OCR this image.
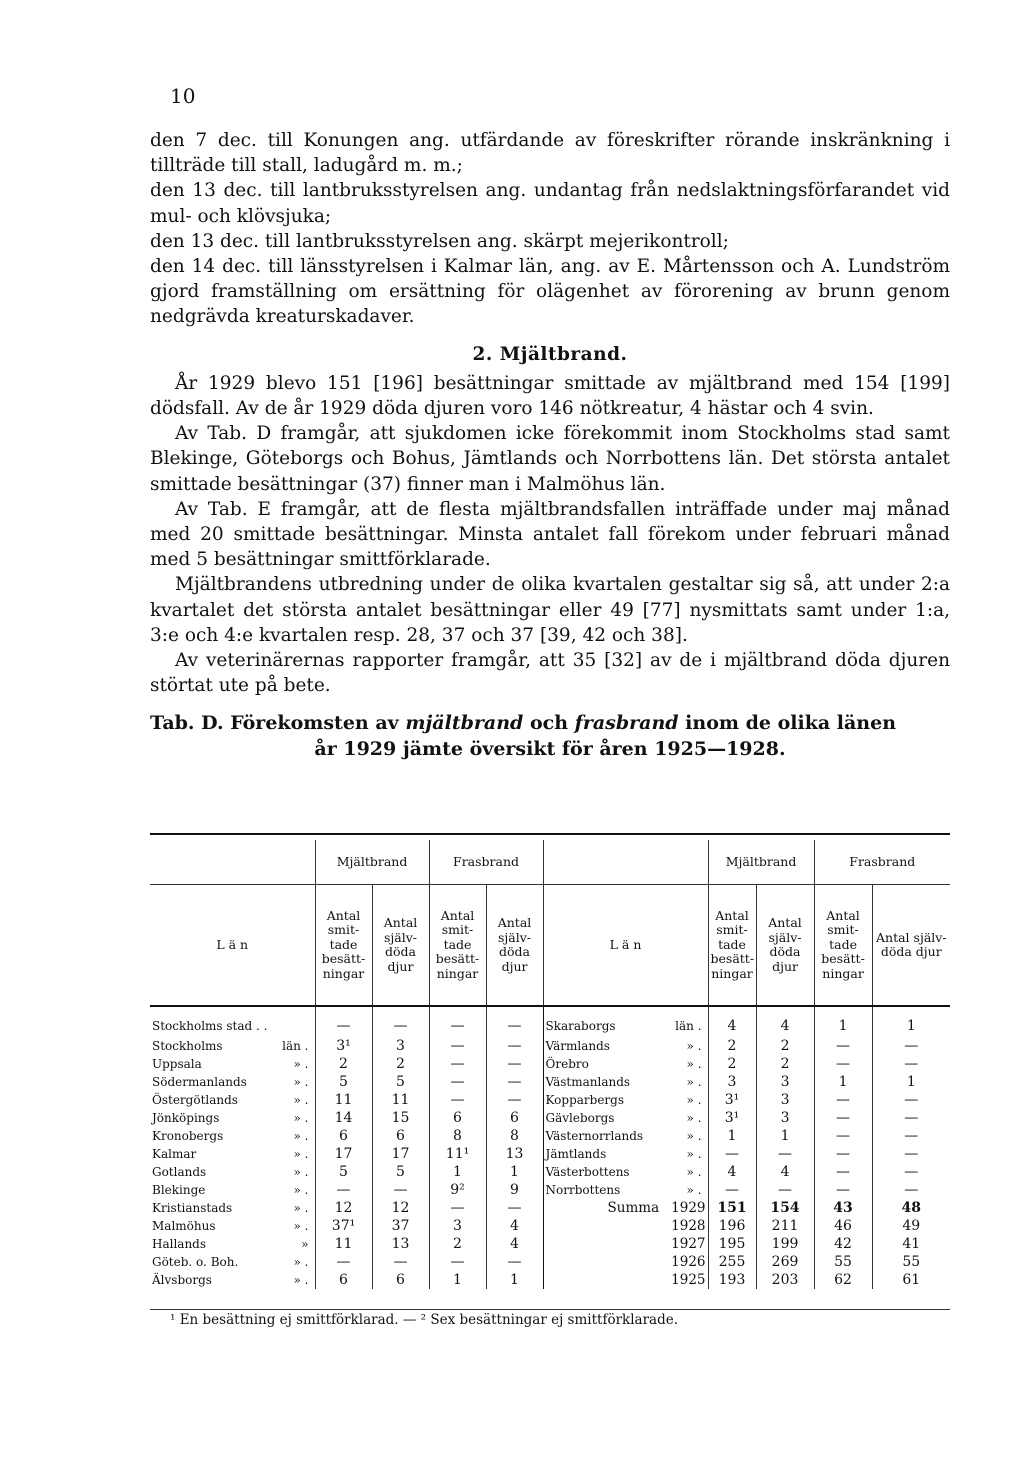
10

den 7 dec. till Konungen ang. utfärdande av föreskrifter rörande inskränkning i tillträde till stall, ladugård m. m.;

den 13 dec. till lantbruksstyrelsen ang. undantag från nedslaktningsförfarandet vid mul- och klövsjuka;

den 13 dec. till lantbruksstyrelsen ang. skärpt mejerikontroll;

den 14 dec. till länsstyrelsen i Kalmar län, ang. av E. Mårtensson och A. Lundström gjord framställning om ersättning för olägenhet av förorening av brunn genom nedgrävda kreaturskadaver.

2. Mjältbrand.

År 1929 blevo 151 [196] besättningar smittade av mjältbrand med 154 [199] dödsfall. Av de år 1929 döda djuren voro 146 nötkreatur, 4 hästar och 4 svin.

Av Tab. D framgår, att sjukdomen icke förekommit inom Stockholms stad samt Blekinge, Göteborgs och Bohus, Jämtlands och Norrbottens län. Det största antalet smittade besättningar (37) finner man i Malmöhus län.

Av Tab. E framgår, att de flesta mjältbrandsfallen inträffade under maj månad med 20 smittade besättningar. Minsta antalet fall förekom under februari månad med 5 besättningar smittförklarade.

Mjältbrandens utbredning under de olika kvartalen gestaltar sig så, att under 2:a kvartalet det största antalet besättningar eller 49 [77] nysmittats samt under 1:a, 3:e och 4:e kvartalen resp. 28, 37 och 37 [39, 42 och 38].

Av veterinärernas rapporter framgår, att 35 [32] av de i mjältbrand döda djuren störtat ute på bete.

Tab. D. Förekomsten av mjältbrand och frasbrand inom de olika länen
år 1929 jämte översikt för åren 1925—1928.

	Mjältbrand		Frasbrand			Mjältbrand		Frasbrand	
L ä n	Antal smit- tade besätt- ningar	Antal själv- döda djur	Antal smit- tade besätt- ningar	Antal själv- döda djur	L ä n	Antal smit- tade besätt- ningar	Antal själv- döda djur	Antal smit- tade besätt- ningar	Antal själv- döda djur
Stockholms stad . .	—	—	—	—	Skaraborgs län .	4	4	1	1
Stockholms län .	3¹	3	—	—	Värmlands » .	2	2	—	—
Uppsala » .	2	2	—	—	Örebro » .	2	2	—	—
Södermanlands » .	5	5	—	—	Västmanlands » .	3	3	1	1
Östergötlands » .	11	11	—	—	Kopparbergs » .	3¹	3	—	—
Jönköpings » .	14	15	6	6	Gävleborgs » .	3¹	3	—	—
Kronobergs » .	6	6	8	8	Västernorrlands » .	1	1	—	—
Kalmar » .	17	17	11¹	13	Jämtlands » .	—	—	—	—
Gotlands » .	5	5	1	1	Västerbottens » .	4	4	—	—
Blekinge » .	—	—	9²	9	Norrbottens » .	—	—	—	—
Kristianstads » .	12	12	—	—	Summa 1929	151	154	43	48
Malmöhus » .	37¹	37	3	4	1928	196	211	46	49
Hallands »	11	13	2	4	1927	195	199	42	41
Göteb. o. Boh. » .	—	—	—	—	1926	255	269	55	55
Älvsborgs » .	6	6	1	1	1925	193	203	62	61
¹ En besättning ej smittförklarad. — ² Sex besättningar ej smittförklarade.
